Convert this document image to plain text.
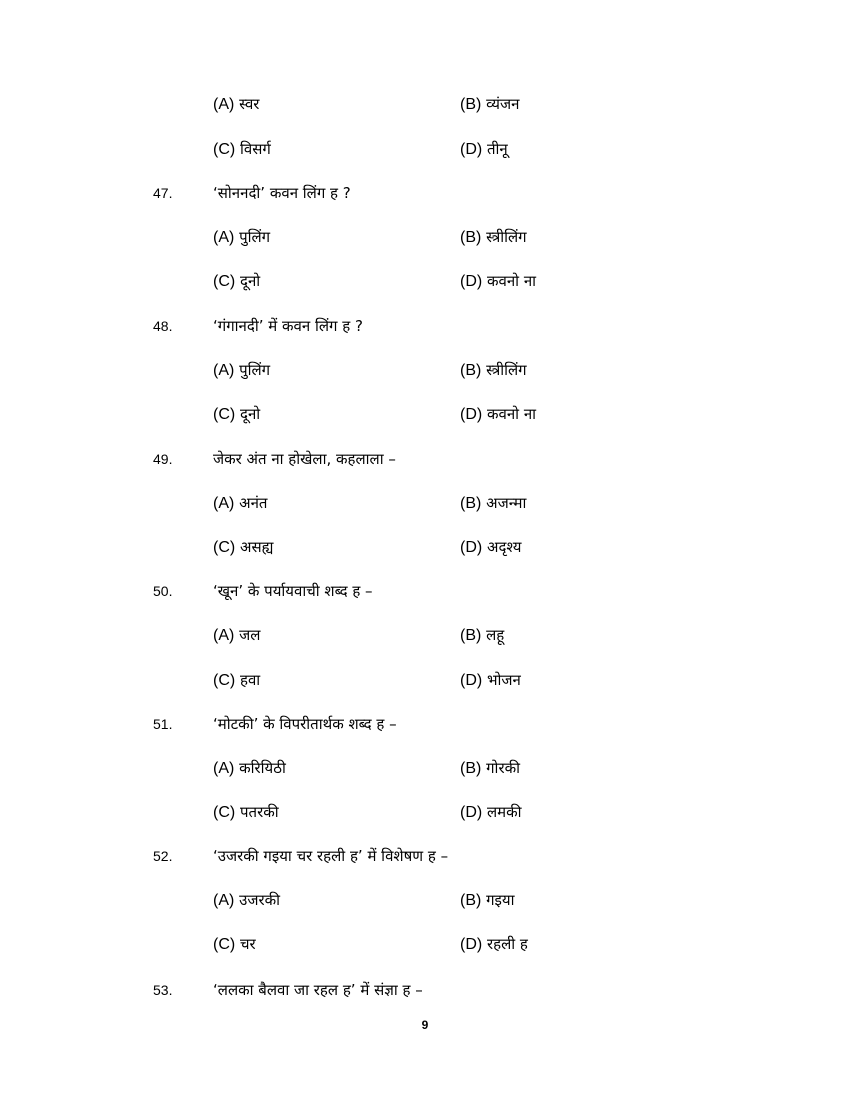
(A) स्वर	(B) व्यंजन
(C) विसर्ग	(D) तीनू
47.	‘सोननदी’ कवन लिंग ह ?
(A) पुलिंग	(B) स्त्रीलिंग
(C) दूनो	(D) कवनो ना
48.	‘गंगानदी’ में कवन लिंग ह ?
(A) पुलिंग	(B) स्त्रीलिंग
(C) दूनो	(D) कवनो ना
49.	जेकर अंत ना होखेला, कहलाला –
(A) अनंत	(B) अजन्मा
(C) असह्य	(D) अदृश्य
50.	‘खून’ के पर्यायवाची शब्द ह –
(A) जल	(B) लहू
(C) हवा	(D) भोजन
51.	‘मोटकी’ के विपरीतार्थक शब्द ह –
(A) करियिठी	(B) गोरकी
(C) पतरकी	(D) लमकी
52.	‘उजरकी गइया चर रहली ह’ में विशेषण ह –
(A) उजरकी	(B) गइया
(C) चर	(D) रहली ह
53.	‘ललका बैलवा जा रहल ह’ में संज्ञा ह –
9
